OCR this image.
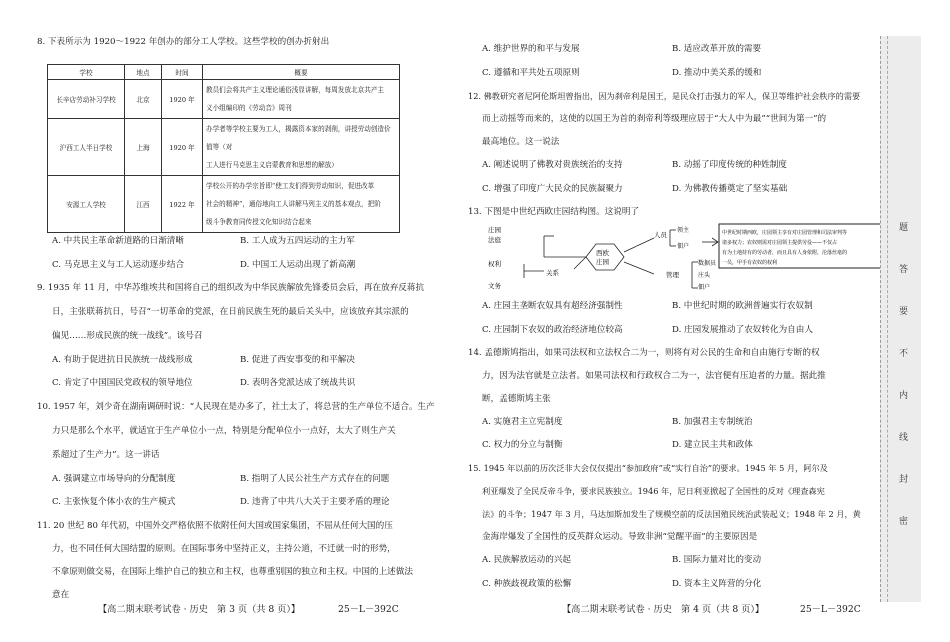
8. 下表所示为 1920～1922 年创办的部分工人学校。这些学校的创办折射出
学校	地点	时间	概要
长辛店劳动补习学校	北京	1920 年	教员们会将共产主义理论通俗浅显讲解，每周发放北京共产主
义小组编印的《劳动音》周刊

沪西工人半日学校	上海	1920 年	办学者等学校主要为工人，揭露资本家的剥削，讲授劳动创造价值等（对
工人进行马克思主义启蒙教育和思想的解放）

安源工人学校	江西	1922 年	学校公开的办学宗旨即“使工友们得到劳动知识，促进改革
社会的精神”，通俗地向工人讲解马列主义的基本观点，把阶
级斗争教育同传授文化知识结合起来
A. 中共民主革命新道路的日渐清晰	B. 工人成为五四运动的主力军
C. 马克思主义与工人运动逐步结合	D. 中国工人运动出现了新高潮
9. 1935 年 11 月，中华苏维埃共和国将自己的组织改为中华民族解放先锋委员会后，再在放弃反蒋抗
日，主张联蒋抗日，号召“一切革命的党派，在日前民族生死的最后关头中，应该放弃其宗派的
偏见……形成民族的统一战线”。该号召
A. 有助于促进抗日民族统一战线形成	B. 促进了西安事变的和平解决
C. 肯定了中国国民党政权的领导地位	D. 表明各党派达成了统战共识
10. 1957 年，刘少奇在湖南调研时说：“人民现在是办多了，社土太了，将总营的生产单位不适合。生产
力只是那么个水平，就适宜于生产单位小一点，特别是分配单位小一点好，太大了则生产关
系超过了生产力”。这一讲话
A. 强调建立市场导向的分配制度	B. 指明了人民公社生产方式存在的问题
C. 主张恢复个体小农的生产模式	D. 违背了中共八大关于主要矛盾的理论
11. 20 世纪 80 年代初，中国外交严格依照不依附任何大国或国家集团，不屈从任何大国的压
力，也不同任何大国结盟的原则。在国际事务中坚持正义，主持公道，不迁就一时的形势，
不拿原则做交易，在国际上维护自己的独立和主权，也尊重别国的独立和主权。中国的上述做法
意在
【高二期末联考试卷 · 历史　第 3 页（共 8 页）】	25－L－392C
A. 维护世界的和平与发展	B. 适应改革开放的需要
C. 遵循和平共处五项原则	D. 推动中美关系的缓和
12. 佛教研究者尼阿伦斯坦曾指出，因为刹帝利是国王，是民众打击强力的军人，保卫等维护社会秩序的需要
而上动摇等而来的，这使的以国王为首的刹帝利等级理应居于“大人中为最”“世间为第一”的
最高地位。这一说法
A. 阐述说明了佛教对贵族统治的支持	B. 动摇了印度传统的种姓制度
C. 增强了印度广大民众的民族凝聚力	D. 为佛教传播奠定了坚实基础
13. 下图是中世纪西欧庄园结构图。这说明了
庄园
法庭
权利
文务
关系
西欧
庄园
人员
领主
佃户
管理
数据员
庄头
佃户
中世纪时期西欧，庄园领主享有对庄园管理和司法审判等
诸多权力；农奴则需对庄园领主提供劳役——不仅占
有为土地持有的劳动者，而且具有人身依附，沦落丝毫的
一员，甲手有农奴的权利
A. 庄园主垄断农奴具有超经济强制性	B. 中世纪时期的欧洲普遍实行农奴制
C. 庄园制下农奴的政治经济地位较高	D. 庄园发展推动了农奴转化为自由人
14. 孟德斯鸠指出，如果司法权和立法权合二为一，则将有对公民的生命和自由施行专断的权
力，因为法官就是立法者。如果司法权和行政权合二为一，法官便有压迫者的力量。据此推
断，孟德斯鸠主张
A. 实施君主立宪制度	B. 加强君主专制统治
C. 权力的分立与制衡	D. 建立民主共和政体
15. 1945 年以前的历次泛非大会仅仅提出“参加政府”或“实行自治”的要求。1945 年 5 月，阿尔及
利亚爆发了全民反帝斗争，要求民族独立。1946 年，尼日利亚掀起了全国性的反对《理查森宪
法》的斗争；1947 年 3 月，马达加斯加发生了规模空前的反法国殖民统治武装起义；1948 年 2 月，黄
金海岸爆发了全国性的反英群众运动。导致非洲“觉醒平面”的主要原因是
A. 民族解放运动的兴起	B. 国际力量对比的变动
C. 种族歧视政策的松懈	D. 资本主义阵营的分化
【高二期末联考试卷 · 历史　第 4 页（共 8 页）】	25－L－392C
题
答
要
不
内
线
封
密
